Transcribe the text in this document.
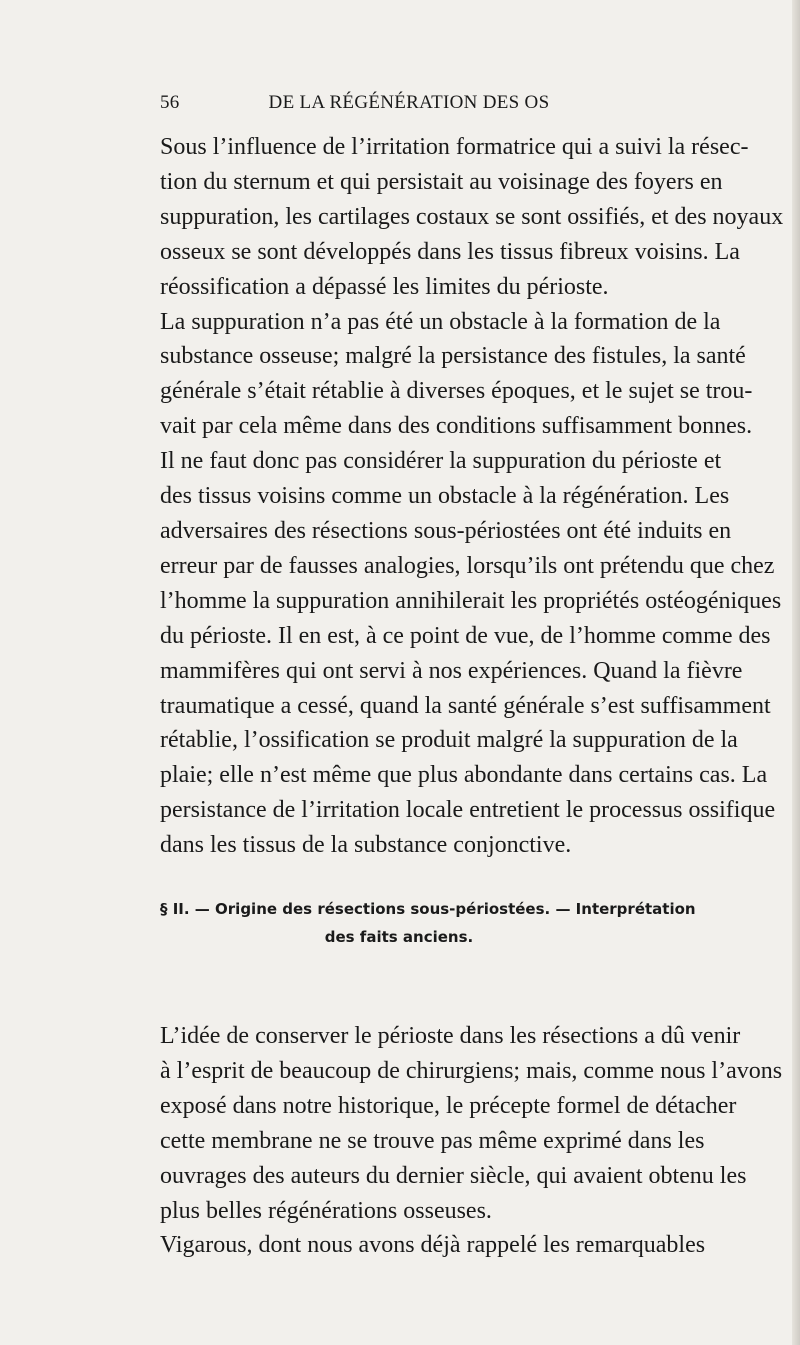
56	DE LA RÉGÉNÉRATION DES OS
Sous l’influence de l’irritation formatrice qui a suivi la résec-
tion du sternum et qui persistait au voisinage des foyers en
suppuration, les cartilages costaux se sont ossifiés, et des noyaux
osseux se sont développés dans les tissus fibreux voisins. La
réossification a dépassé les limites du périoste.
La suppuration n’a pas été un obstacle à la formation de la
substance osseuse; malgré la persistance des fistules, la santé
générale s’était rétablie à diverses époques, et le sujet se trou-
vait par cela même dans des conditions suffisamment bonnes.
Il ne faut donc pas considérer la suppuration du périoste et
des tissus voisins comme un obstacle à la régénération. Les
adversaires des résections sous-périostées ont été induits en
erreur par de fausses analogies, lorsqu’ils ont prétendu que chez
l’homme la suppuration annihilerait les propriétés ostéogéniques
du périoste. Il en est, à ce point de vue, de l’homme comme des
mammifères qui ont servi à nos expériences. Quand la fièvre
traumatique a cessé, quand la santé générale s’est suffisamment
rétablie, l’ossification se produit malgré la suppuration de la
plaie; elle n’est même que plus abondante dans certains cas. La
persistance de l’irritation locale entretient le processus ossifique
dans les tissus de la substance conjonctive.
§ II. — Origine des résections sous-périostées. — Interprétation
des faits anciens.
L’idée de conserver le périoste dans les résections a dû venir
à l’esprit de beaucoup de chirurgiens; mais, comme nous l’avons
exposé dans notre historique, le précepte formel de détacher
cette membrane ne se trouve pas même exprimé dans les
ouvrages des auteurs du dernier siècle, qui avaient obtenu les
plus belles régénérations osseuses.
Vigarous, dont nous avons déjà rappelé les remarquables
